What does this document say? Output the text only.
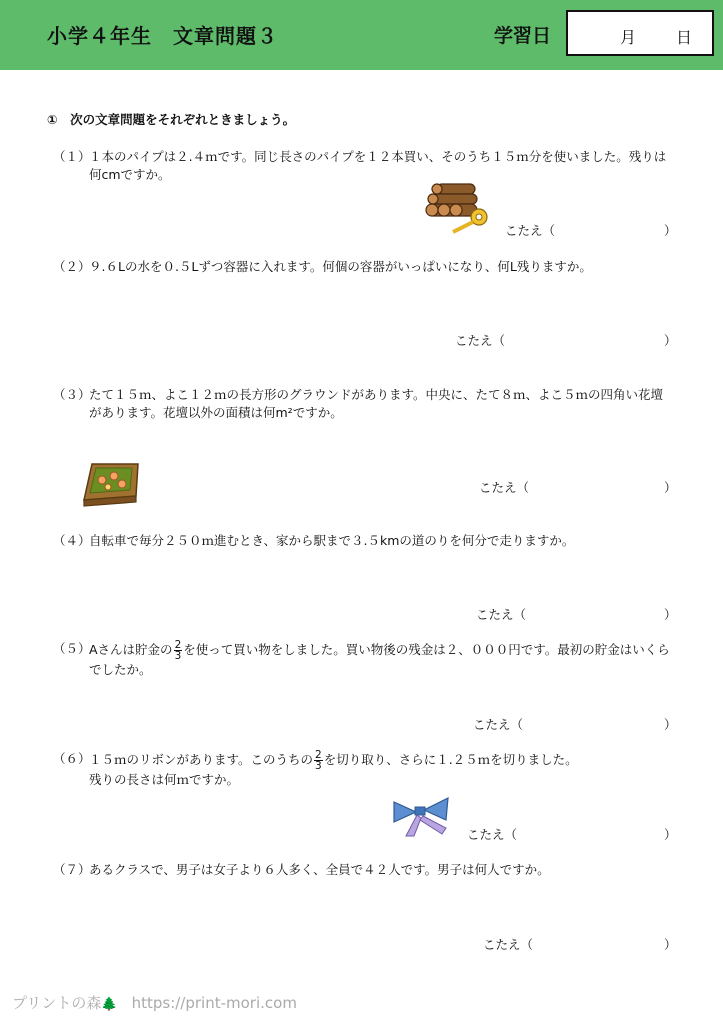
小学４年生　文章問題３	学習日	月 日
①　次の文章問題をそれぞれときましょう。
（１）
１本のパイプは２.４ｍです。同じ長さのパイプを１２本買い、そのうち１５ｍ分を使いました。残りは何cmですか。
こたえ（	）
（２）
９.６Lの水を０.５Lずつ容器に入れます。何個の容器がいっぱいになり、何L残りますか。
こたえ（	）
（３）
たて１５ｍ、よこ１２ｍの長方形のグラウンドがあります。中央に、たて８ｍ、よこ５ｍの四角い花壇があります。花壇以外の面積は何m²ですか。
こたえ（	）
（４）
自転車で毎分２５０ｍ進むとき、家から駅まで３.５kmの道のりを何分で走りますか。
こたえ（	）
（５）
Aさんは貯金の $\frac{2}{3}$ を使って買い物をしました。買い物後の残金は２、０００円です。最初の貯金はいくらでしたか。
こたえ（	）
（６）
１５ｍのリボンがあります。このうちの $\frac{2}{3}$ を切り取り、さらに１.２５ｍを切りました。残りの長さは何ｍですか。
こたえ（	）
（７）
あるクラスで、男子は女子より６人多く、全員で４２人です。男子は何人ですか。
こたえ（	）
プリントの森🌲 https://print-mori.com
